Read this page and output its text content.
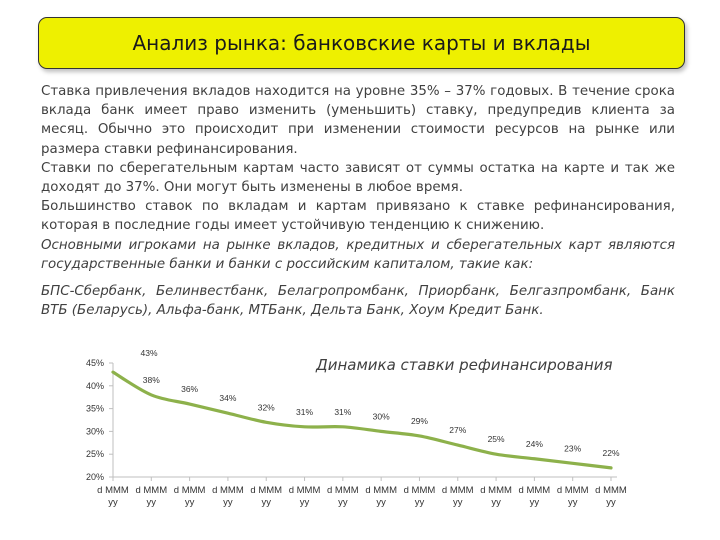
Анализ рынка: банковские карты и вклады

Ставка привлечения вкладов находится на уровне 35% – 37% годовых. В течение срока вклада банк имеет право изменить (уменьшить) ставку, предупредив клиента за месяц. Обычно это происходит при изменении стоимости ресурсов на рынке или размера ставки рефинансирования.

Ставки по сберегательным картам часто зависят от суммы остатка на карте и так же доходят до 37%. Они могут быть изменены в любое время.

Большинство ставок по вкладам и картам привязано к ставке рефинансирования, которая в последние годы имеет устойчивую тенденцию к снижению.

Основными игроками на рынке вкладов, кредитных и сберегательных карт являются государственные банки и банки с российским капиталом, такие как:

БПС-Сбербанк, Белинвестбанк, Белагропромбанк, Приорбанк, Белгазпромбанк, Банк ВТБ (Беларусь), Альфа-банк, МТБанк, Дельта Банк, Хоум Кредит Банк.

Динамика ставки рефинансирования
20%
25%
30%
35%
40%
45%
d MMM
yy
d MMM
yy
d MMM
yy
d MMM
yy
d MMM
yy
d MMM
yy
d MMM
yy
d MMM
yy
d MMM
yy
d MMM
yy
d MMM
yy
d MMM
yy
d MMM
yy
d MMM
yy
43%
38%
36%
34%
32%	31%	31%	30%	29%
27%
25%	24%	23%	22%
